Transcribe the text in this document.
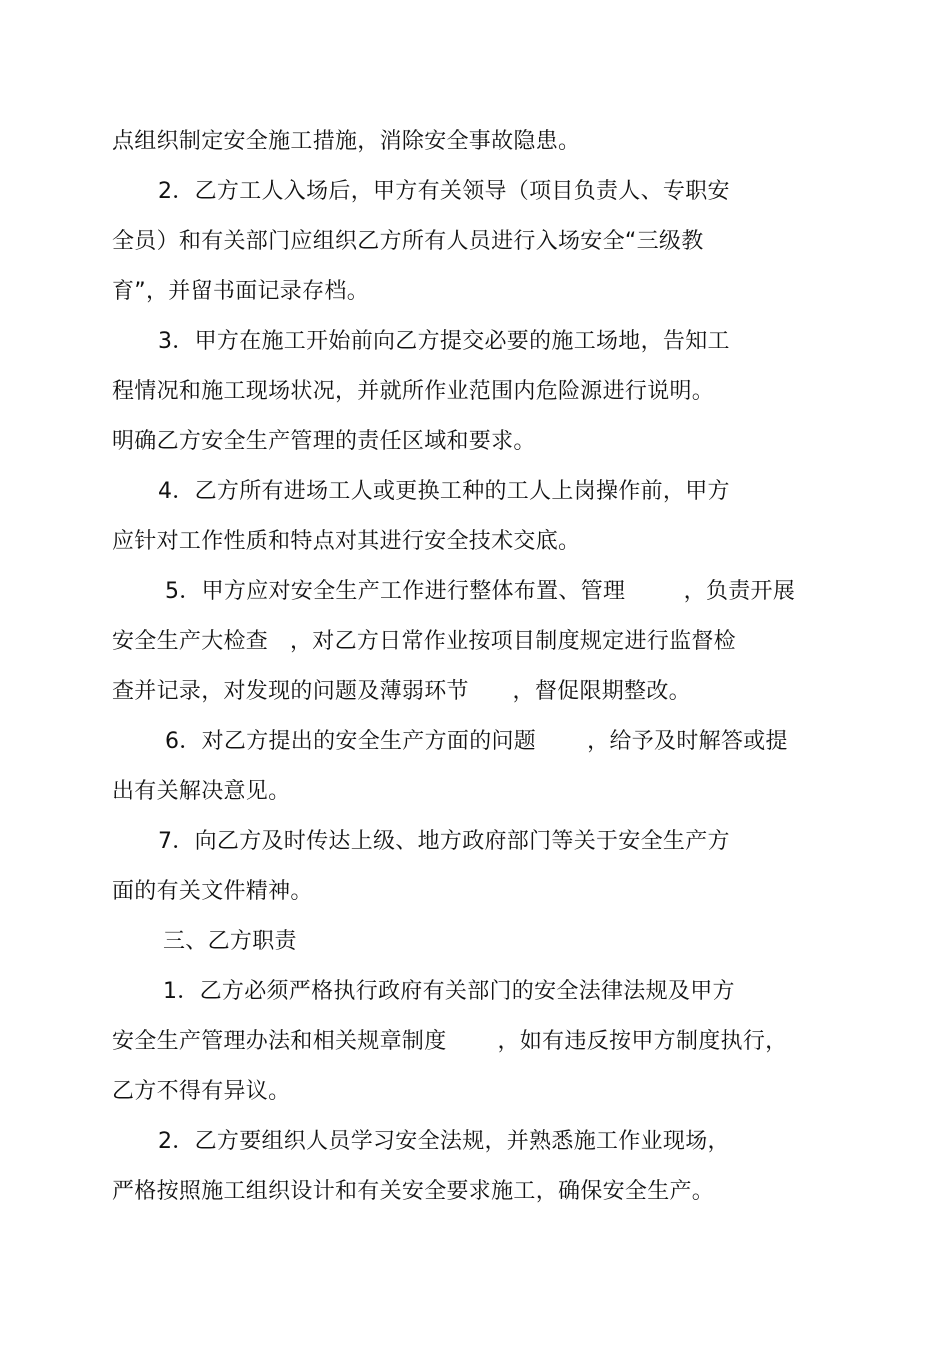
点组织制定安全施工措施，消除安全事故隐患。
2．乙方工人入场后，甲方有关领导（项目负责人、专职安
全员）和有关部门应组织乙方所有人员进行入场安全“三级教
育”，并留书面记录存档。
3．甲方在施工开始前向乙方提交必要的施工场地，告知工
程情况和施工现场状况，并就所作业范围内危险源进行说明。
明确乙方安全生产管理的责任区域和要求。
4．乙方所有进场工人或更换工种的工人上岗操作前，甲方
应针对工作性质和特点对其进行安全技术交底。
5．甲方应对安全生产工作进行整体布置、管理        ，负责开展
安全生产大检查   ，对乙方日常作业按项目制度规定进行监督检
查并记录，对发现的问题及薄弱环节      ，督促限期整改。
6．对乙方提出的安全生产方面的问题       ，给予及时解答或提
出有关解决意见。
7．向乙方及时传达上级、地方政府部门等关于安全生产方
面的有关文件精神。
三、乙方职责
1．乙方必须严格执行政府有关部门的安全法律法规及甲方
安全生产管理办法和相关规章制度       ，如有违反按甲方制度执行，
乙方不得有异议。
2．乙方要组织人员学习安全法规，并熟悉施工作业现场，
严格按照施工组织设计和有关安全要求施工，确保安全生产。
